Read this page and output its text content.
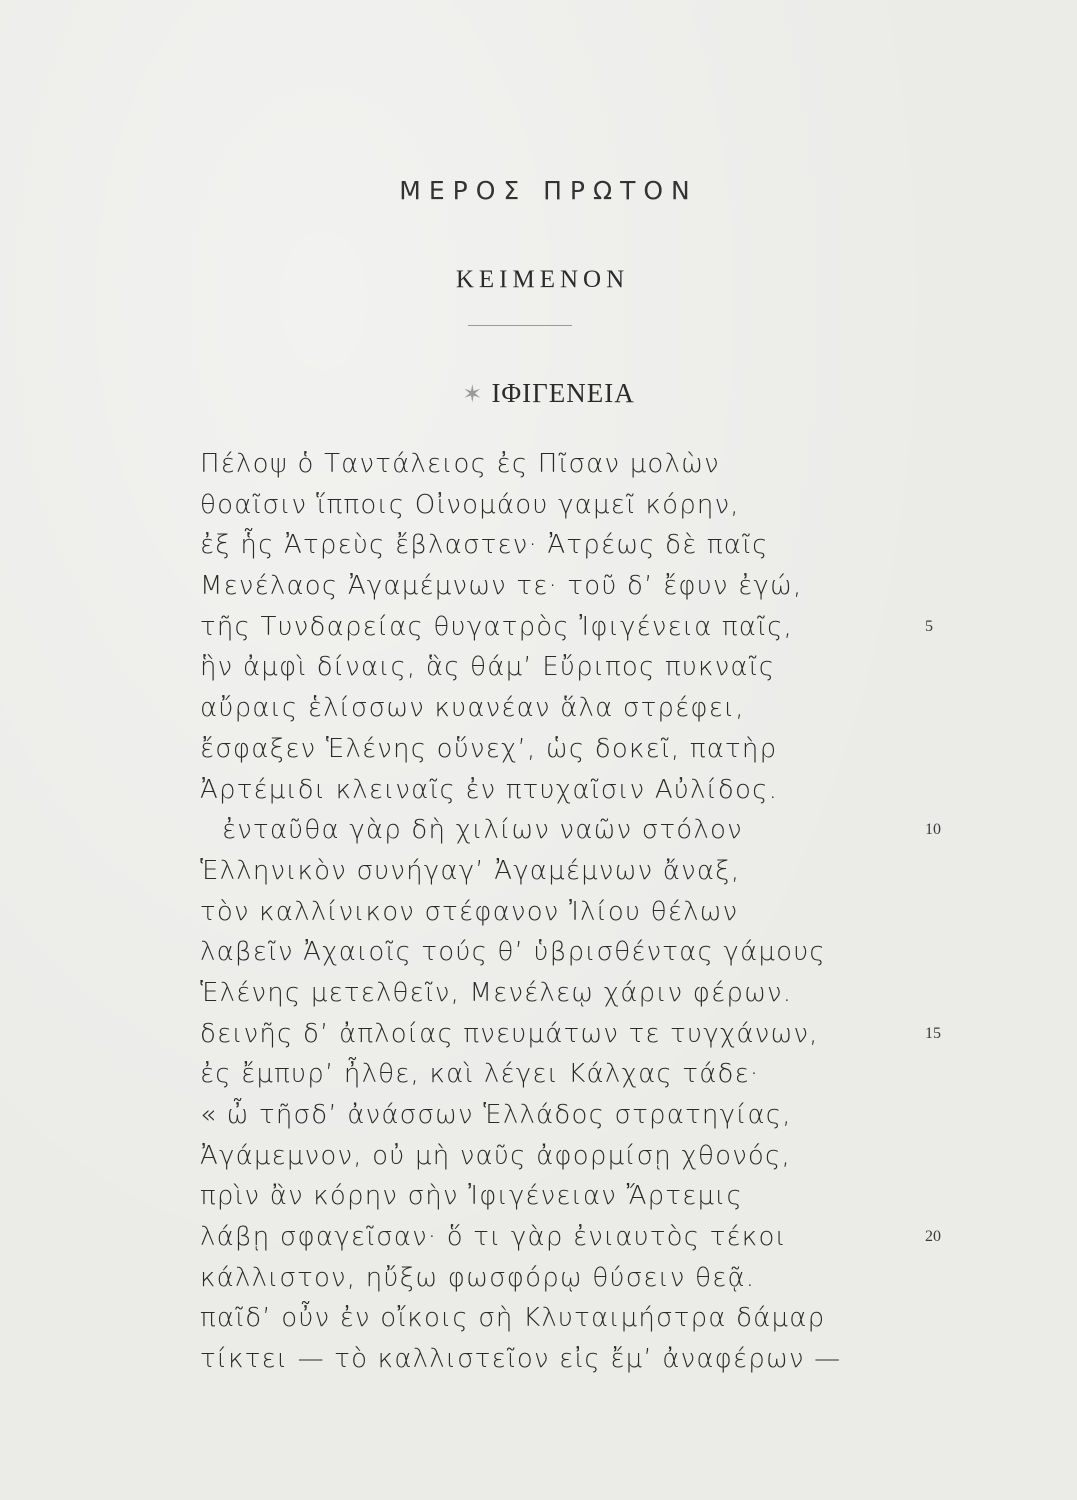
ΜΕΡΟΣ ΠΡΩΤΟΝ
ΚΕΙΜΕΝΟΝ
✶ ΙΦΙΓΕΝΕΙΑ
Πέλοψ ὁ Ταντάλειος ἐς Πῖσαν μολὼν
θοαῖσιν ἵπποις Οἰνομάου γαμεῖ κόρην,
ἐξ ἧς Ἀτρεὺς ἔβλαστεν· Ἀτρέως δὲ παῖς
Μενέλαος Ἀγαμέμνων τε· τοῦ δ’ ἔφυν ἐγώ,
τῆς Τυνδαρείας θυγατρὸς Ἰφιγένεια παῖς,	5
ἣν ἀμφὶ δίναις, ἃς θάμ’ Εὔριπος πυκναῖς
αὔραις ἑλίσσων κυανέαν ἅλα στρέφει,
ἔσφαξεν Ἑλένης οὕνεχ’, ὡς δοκεῖ, πατὴρ
Ἀρτέμιδι κλειναῖς ἐν πτυχαῖσιν Αὐλίδος.
ἐνταῦθα γὰρ δὴ χιλίων ναῶν στόλον	10
Ἑλληνικὸν συνήγαγ’ Ἀγαμέμνων ἄναξ,
τὸν καλλίνικον στέφανον Ἰλίου θέλων
λαβεῖν Ἀχαιοῖς τούς θ’ ὑβρισθέντας γάμους
Ἑλένης μετελθεῖν, Μενέλεῳ χάριν φέρων.
δεινῆς δ’ ἀπλοίας πνευμάτων τε τυγχάνων,	15
ἐς ἔμπυρ’ ἦλθε, καὶ λέγει Κάλχας τάδε·
« ὦ τῆσδ’ ἀνάσσων Ἑλλάδος στρατηγίας,
Ἀγάμεμνον, οὐ μὴ ναῦς ἀφορμίσῃ χθονός,
πρὶν ἂν κόρην σὴν Ἰφιγένειαν Ἄρτεμις
λάβῃ σφαγεῖσαν· ὅ τι γὰρ ἐνιαυτὸς τέκοι	20
κάλλιστον, ηὔξω φωσφόρῳ θύσειν θεᾷ.
παῖδ’ οὖν ἐν οἴκοις σὴ Κλυταιμήστρα δάμαρ
τίκτει — τὸ καλλιστεῖον εἰς ἔμ’ ἀναφέρων —
